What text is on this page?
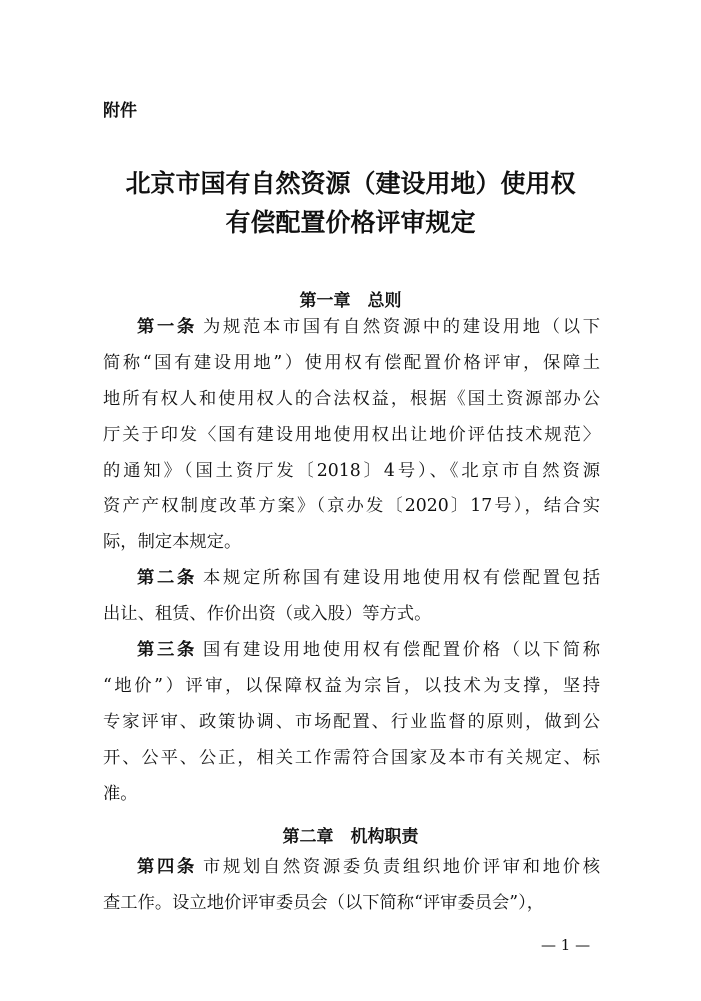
附件
北京市国有自然资源（建设用地）使用权
有偿配置价格评审规定
第一章　总则
第一条 为规范本市国有自然资源中的建设用地（以下
简称“国有建设用地”）使用权有偿配置价格评审，保障土
地所有权人和使用权人的合法权益，根据《国土资源部办公
厅关于印发〈国有建设用地使用权出让地价评估技术规范〉
的通知》（国土资厅发〔2018〕4号）、《北京市自然资源
资产产权制度改革方案》（京办发〔2020〕17号），结合实
际，制定本规定。
第二条 本规定所称国有建设用地使用权有偿配置包括
出让、租赁、作价出资（或入股）等方式。
第三条 国有建设用地使用权有偿配置价格（以下简称
“地价”）评审，以保障权益为宗旨，以技术为支撑，坚持
专家评审、政策协调、市场配置、行业监督的原则，做到公
开、公平、公正，相关工作需符合国家及本市有关规定、标
准。
第二章　机构职责
第四条 市规划自然资源委负责组织地价评审和地价核
查工作。设立地价评审委员会（以下简称“评审委员会”），
— 1 —
